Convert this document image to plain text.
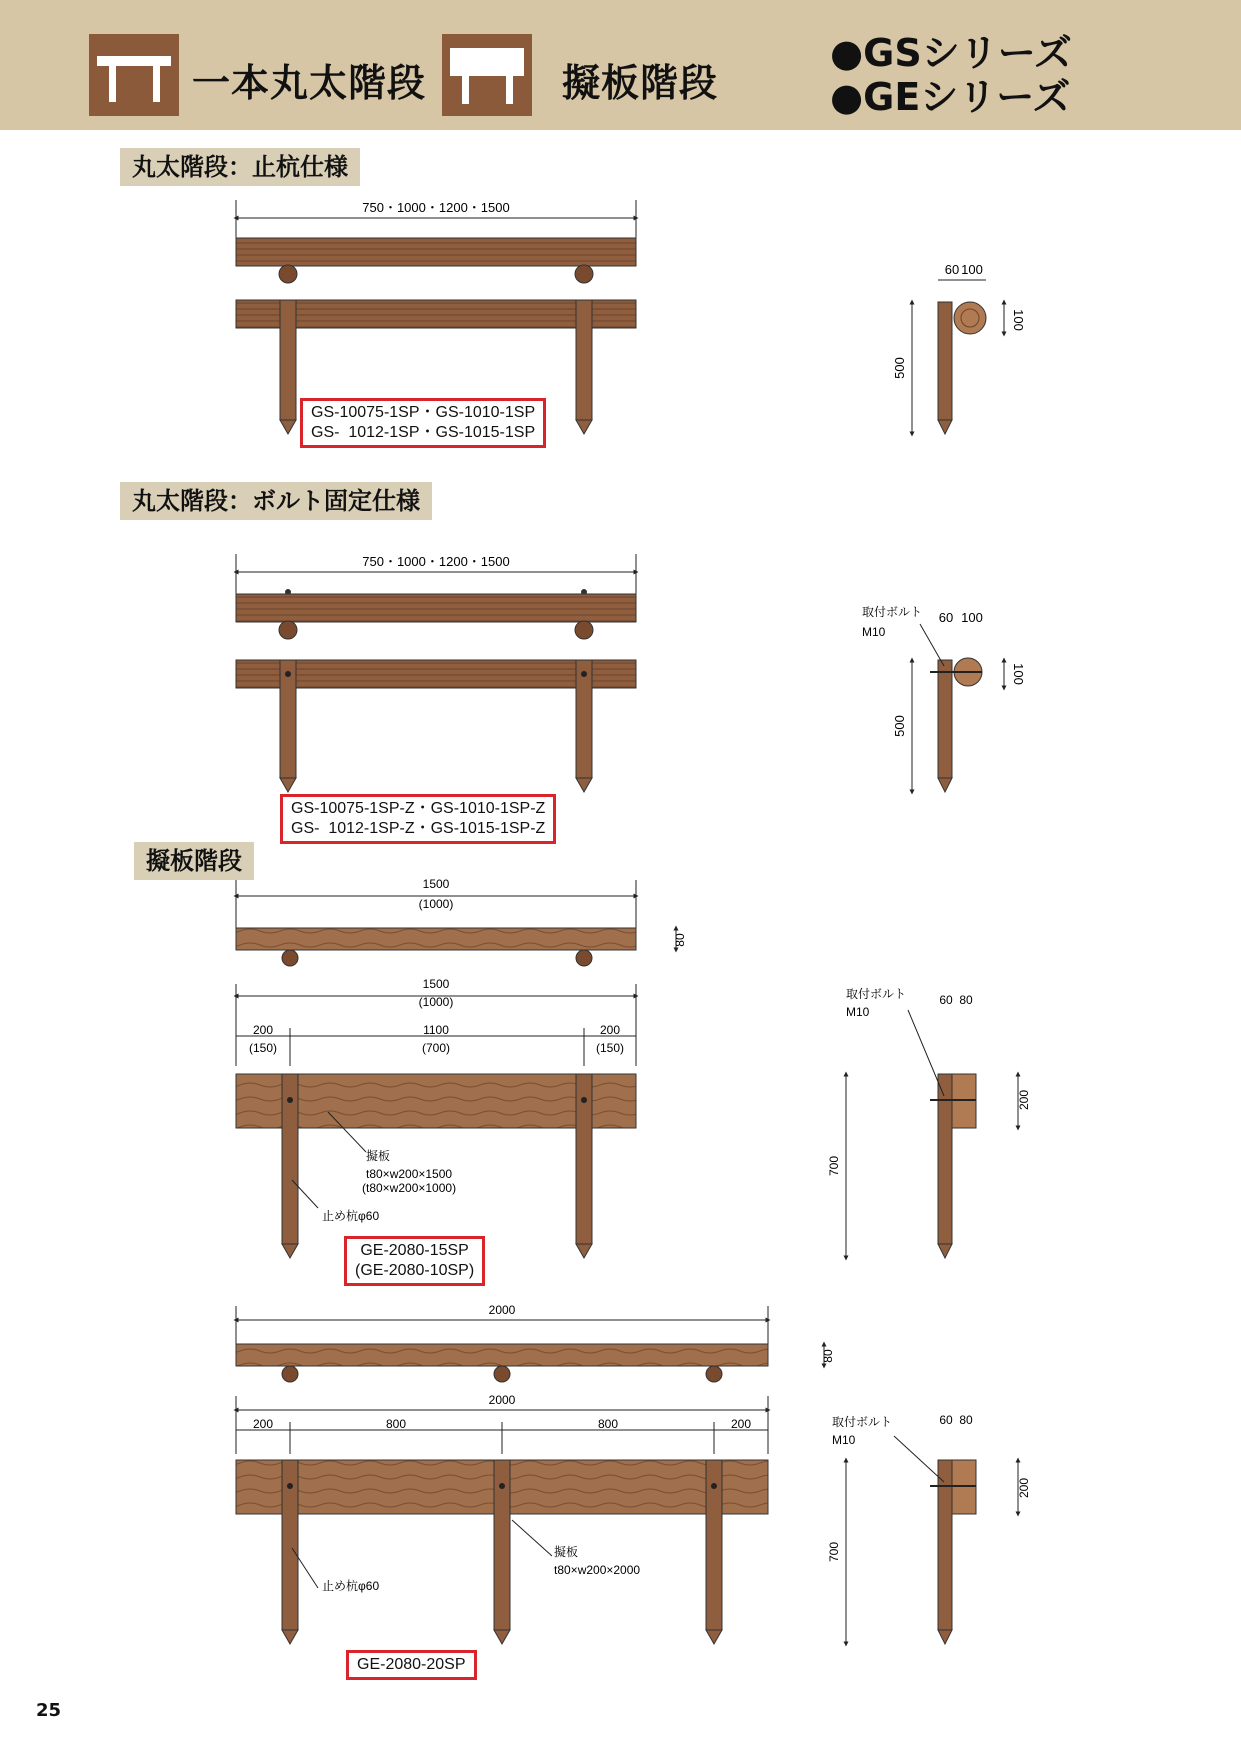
一本丸太階段	擬板階段
●GSシリーズ
●GEシリーズ
丸太階段：止杭仕様
丸太階段：ボルト固定仕様
擬板階段
750・1000・1200・1500
60 100
100
500
750・1000・1200・1500
取付ボルト
M10
60 100
100
500
1500
(1000)
80
1500
(1000)
200
(150)
1100
(700)
200
(150)
擬板
t80×w200×1500
(t80×w200×1000)
止め杭φ60
取付ボルト
M10
60 80
200
700
2000
80
2000
200	800	800	200
擬板
t80×w200×2000
止め杭φ60
取付ボルト
M10
60 80
200
700
GS-10075-1SP・GS-1010-1SP
GS-  1012-1SP・GS-1015-1SP
GS-10075-1SP-Z・GS-1010-1SP-Z
GS-  1012-1SP-Z・GS-1015-1SP-Z
GE-2080-15SP
(GE-2080-10SP)
GE-2080-20SP
25
